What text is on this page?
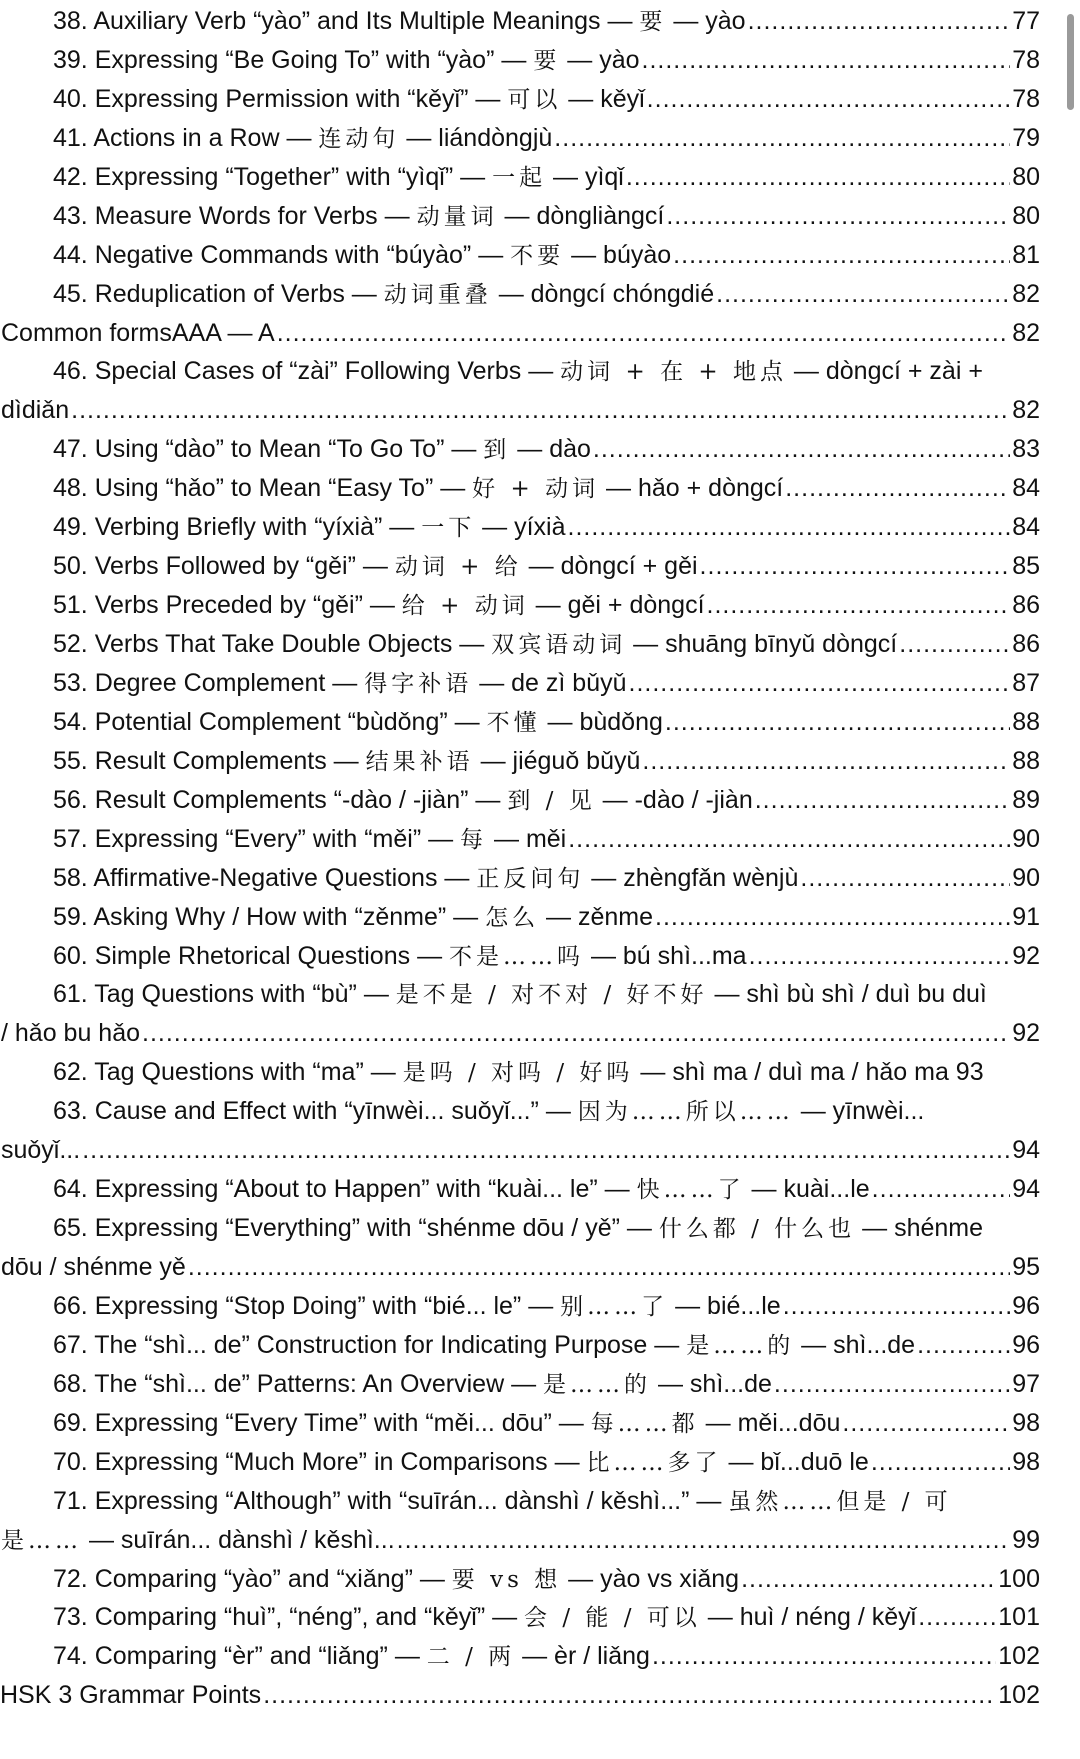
38. Auxiliary Verb “yào” and Its Multiple Meanings — 要 — yào .....	77
39. Expressing “Be Going To” with “yào” — 要 — yào .....	78
40. Expressing Permission with “kěyǐ” — 可以 — kěyǐ .....	78
41. Actions in a Row — 连动句 — liándòngjù .....	79
42. Expressing “Together” with “yìqǐ” — 一起 — yìqǐ .....	80
43. Measure Words for Verbs — 动量词 — dòngliàngcí .....	80
44. Negative Commands with “búyào” — 不要 — búyào .....	81
45. Reduplication of Verbs — 动词重叠 — dòngcí chóngdié .....	82
Common formsAAA — A .....	82
46. Special Cases of “zài” Following Verbs — 动词 + 在 + 地点 — dòngcí + zài +
dìdiǎn .....	82
47. Using “dào” to Mean “To Go To” — 到 — dào .....	83
48. Using “hǎo” to Mean “Easy To” — 好 + 动词 — hǎo + dòngcí .....	84
49. Verbing Briefly with “yíxià” — 一下 — yíxià .....	84
50. Verbs Followed by “gěi” — 动词 + 给 — dòngcí + gěi .....	85
51. Verbs Preceded by “gěi” — 给 + 动词 — gěi + dòngcí .....	86
52. Verbs That Take Double Objects — 双宾语动词 — shuāng bīnyǔ dòngcí .....	86
53. Degree Complement — 得字补语 — de zì bǔyǔ .....	87
54. Potential Complement “bùdǒng” — 不懂 — bùdǒng .....	88
55. Result Complements — 结果补语 — jiéguǒ bǔyǔ .....	88
56. Result Complements “-dào / -jiàn” — 到 / 见 — -dào / -jiàn .....	89
57. Expressing “Every” with “měi” — 每 — měi .....	90
58. Affirmative-Negative Questions — 正反问句 — zhèngfǎn wènjù .....	90
59. Asking Why / How with “zěnme” — 怎么 — zěnme .....	91
60. Simple Rhetorical Questions — 不是……吗 — bú shì...ma .....	92
61. Tag Questions with “bù” — 是不是 / 对不对 / 好不好 — shì bù shì / duì bu duì
/ hǎo bu hǎo .....	92
62. Tag Questions with “ma” — 是吗 / 对吗 / 好吗 — shì ma / duì ma / hǎo ma 93
63. Cause and Effect with “yīnwèi... suǒyǐ...” — 因为……所以…… — yīnwèi...
suǒyǐ... .....	94
64. Expressing “About to Happen” with “kuài... le” — 快……了 — kuài...le .....	94
65. Expressing “Everything” with “shénme dōu / yě” — 什么都 / 什么也 — shénme
dōu / shénme yě .....	95
66. Expressing “Stop Doing” with “bié... le” — 别……了 — bié...le .....	96
67. The “shì... de” Construction for Indicating Purpose — 是……的 — shì...de .....	96
68. The “shì... de” Patterns: An Overview — 是……的 — shì...de .....	97
69. Expressing “Every Time” with “měi... dōu” — 每……都 — měi...dōu .....	98
70. Expressing “Much More” in Comparisons — 比……多了 — bǐ...duō le .....	98
71. Expressing “Although” with “suīrán... dànshì / kěshì...” — 虽然……但是 / 可
是…… — suīrán... dànshì / kěshì... .....	99
72. Comparing “yào” and “xiǎng” — 要 vs 想 — yào vs xiǎng .....	100
73. Comparing “huì”, “néng”, and “kěyǐ” — 会 / 能 / 可以 — huì / néng / kěyǐ .....	101
74. Comparing “èr” and “liǎng” — 二 / 两 — èr / liǎng .....	102
HSK 3 Grammar Points .....	102
